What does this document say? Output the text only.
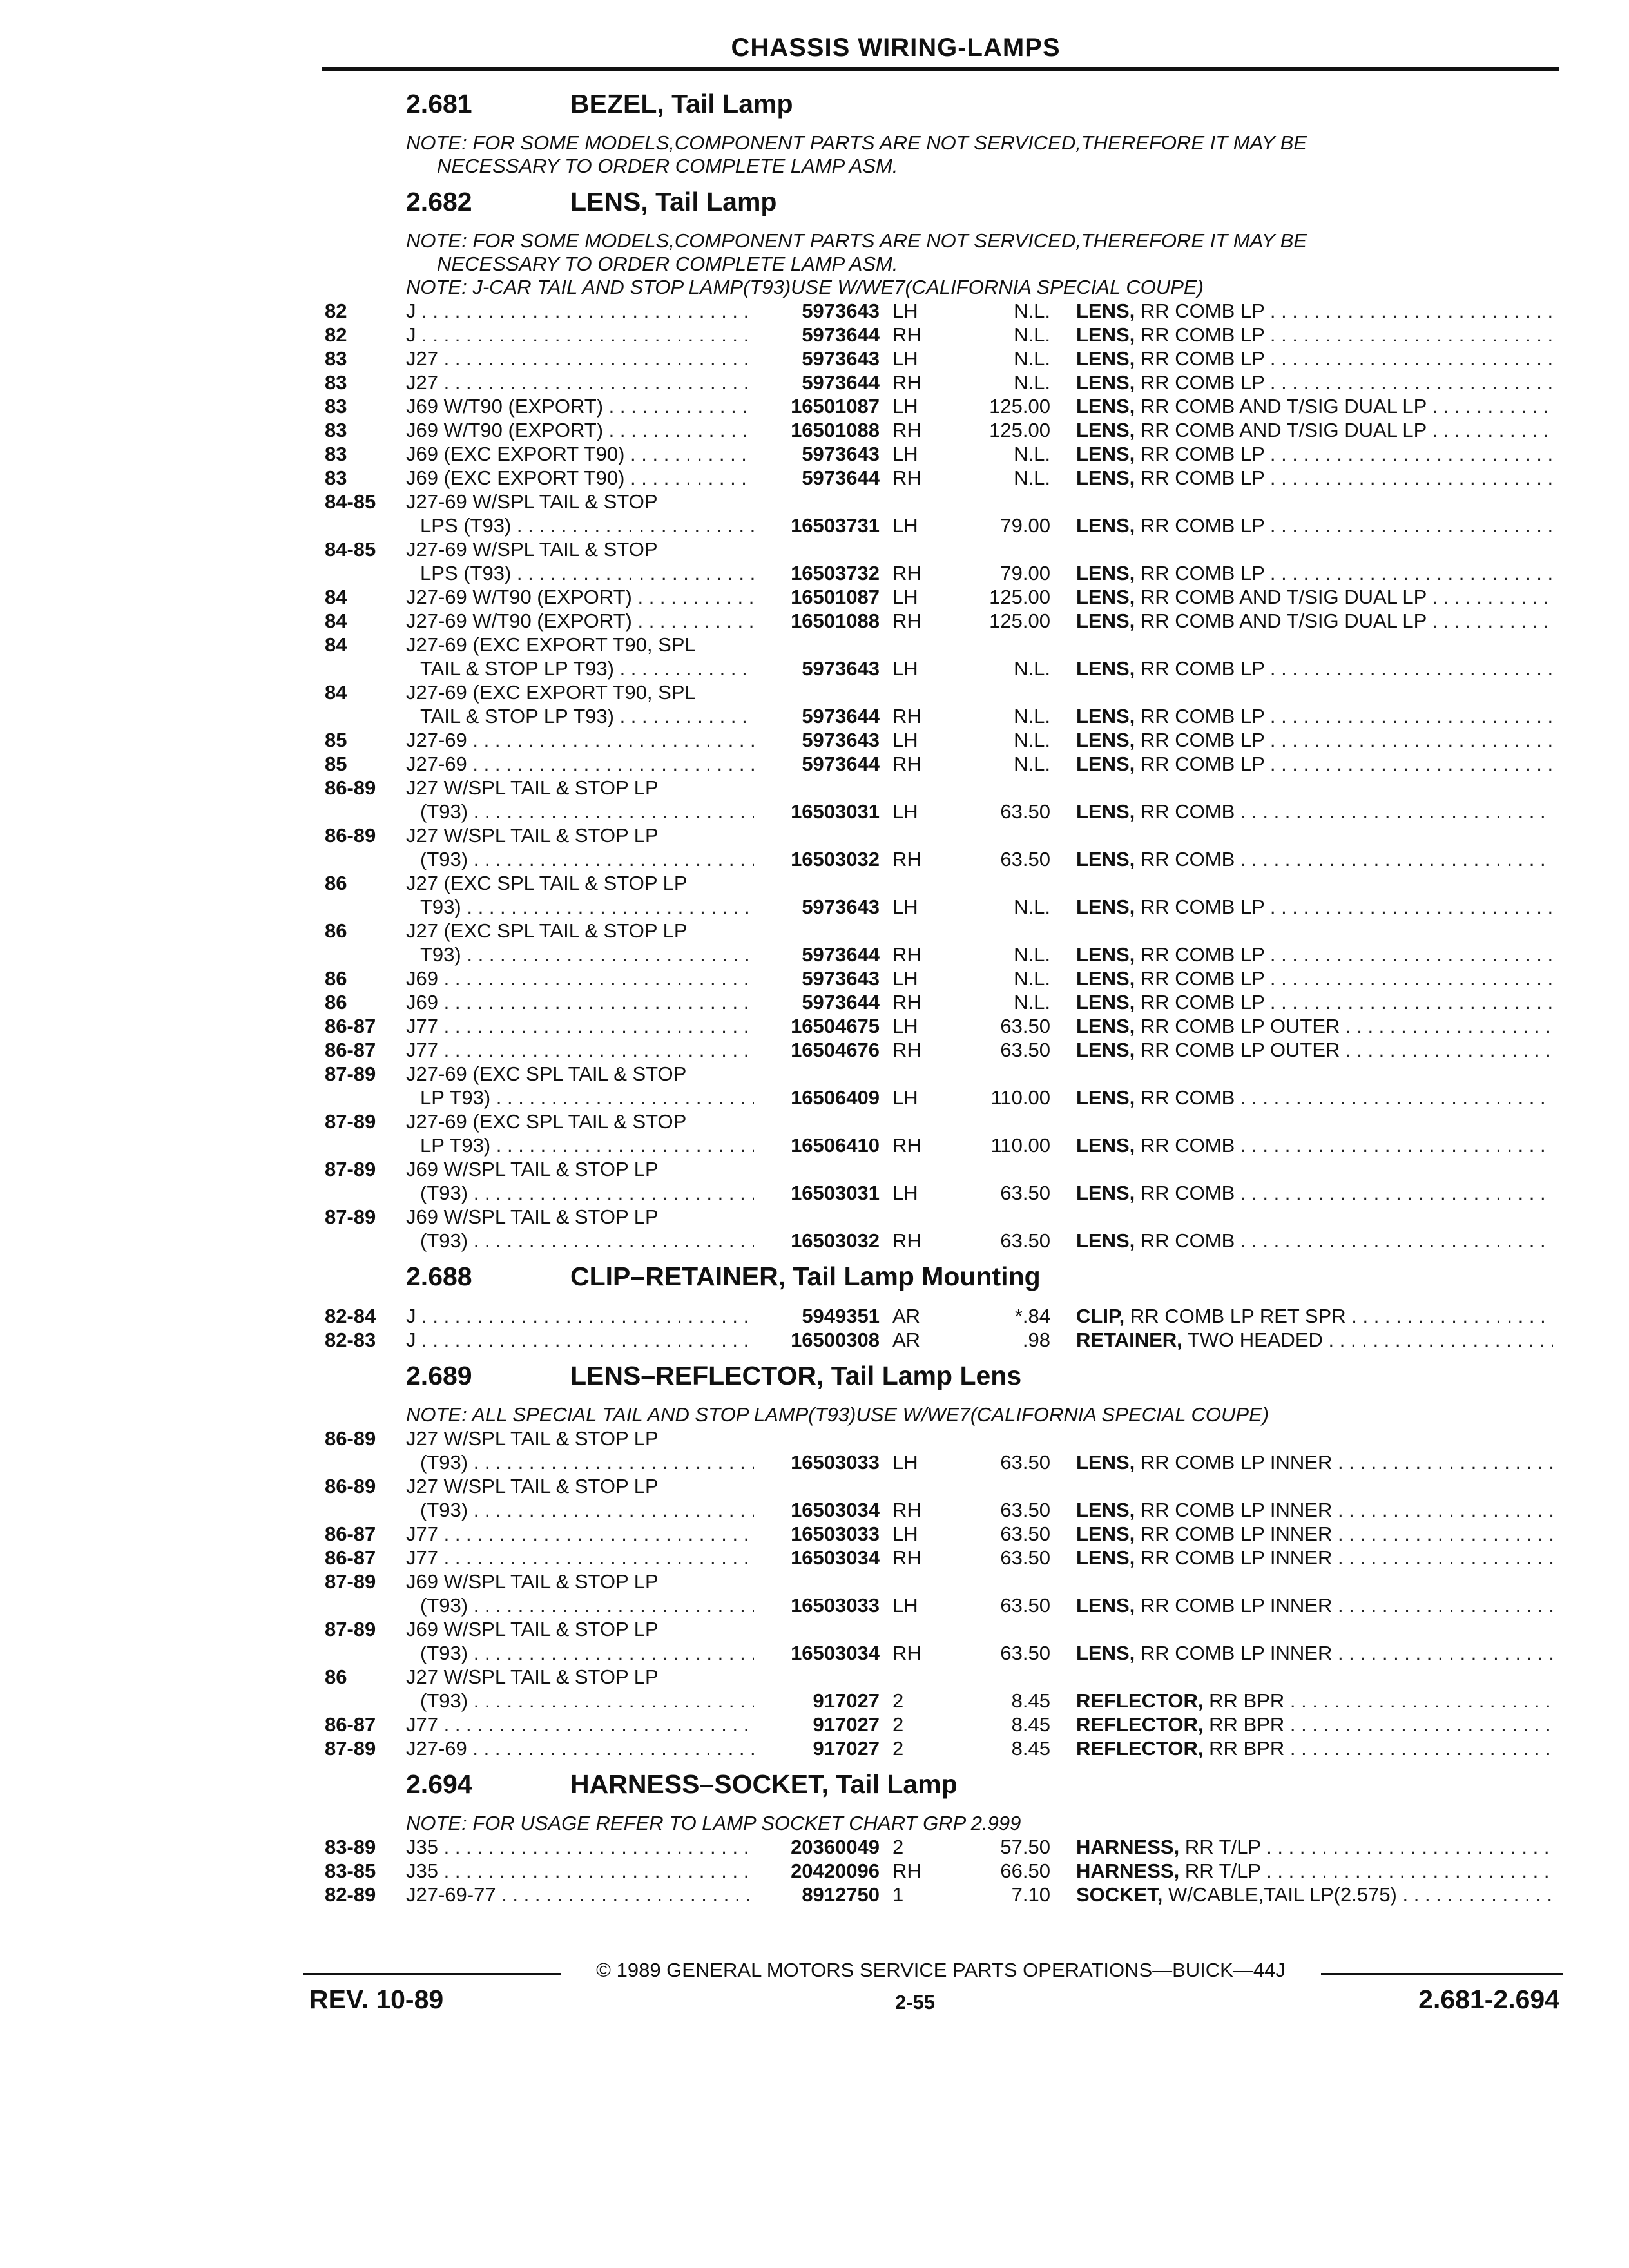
CHASSIS WIRING-LAMPS
2.681	BEZEL, Tail Lamp
NOTE: FOR SOME MODELS,COMPONENT PARTS ARE NOT SERVICED,THEREFORE IT MAY BE
NECESSARY TO ORDER COMPLETE LAMP ASM.
2.682	LENS, Tail Lamp
NOTE: FOR SOME MODELS,COMPONENT PARTS ARE NOT SERVICED,THEREFORE IT MAY BE
NECESSARY TO ORDER COMPLETE LAMP ASM.
NOTE: J-CAR TAIL AND STOP LAMP(T93)USE W/WE7(CALIFORNIA SPECIAL COUPE)
82	J . . .	5973643 LH	N.L. LENS, RR COMB LP . . .
82	J . . .	5973644 RH	N.L. LENS, RR COMB LP . . .
83	J27 . . .	5973643 LH	N.L. LENS, RR COMB LP . . .
83	J27 . . .	5973644 RH	N.L. LENS, RR COMB LP . . .
83	J69 W/T90 (EXPORT) . . .	16501087 LH	125.00 LENS, RR COMB AND T/SIG DUAL LP . . .
83	J69 W/T90 (EXPORT) . . .	16501088 RH	125.00 LENS, RR COMB AND T/SIG DUAL LP . . .
83	J69 (EXC EXPORT T90) . . .	5973643 LH	N.L. LENS, RR COMB LP . . .
83	J69 (EXC EXPORT T90) . . .	5973644 RH	N.L. LENS, RR COMB LP . . .
84-85	J27-69 W/SPL TAIL & STOP
LPS (T93) . . .	16503731 LH	79.00 LENS, RR COMB LP . . .
84-85	J27-69 W/SPL TAIL & STOP
LPS (T93) . . .	16503732 RH	79.00 LENS, RR COMB LP . . .
84	J27-69 W/T90 (EXPORT) . . .	16501087 LH	125.00 LENS, RR COMB AND T/SIG DUAL LP . . .
84	J27-69 W/T90 (EXPORT) . . .	16501088 RH	125.00 LENS, RR COMB AND T/SIG DUAL LP . . .
84	J27-69 (EXC EXPORT T90, SPL
TAIL & STOP LP T93) . . .	5973643 LH	N.L. LENS, RR COMB LP . . .
84	J27-69 (EXC EXPORT T90, SPL
TAIL & STOP LP T93) . . .	5973644 RH	N.L. LENS, RR COMB LP . . .
85	J27-69 . . .	5973643 LH	N.L. LENS, RR COMB LP . . .
85	J27-69 . . .	5973644 RH	N.L. LENS, RR COMB LP . . .
86-89	J27 W/SPL TAIL & STOP LP
(T93) . . .	16503031 LH	63.50 LENS, RR COMB . . .
86-89	J27 W/SPL TAIL & STOP LP
(T93) . . .	16503032 RH	63.50 LENS, RR COMB . . .
86	J27 (EXC SPL TAIL & STOP LP
T93) . . .	5973643 LH	N.L. LENS, RR COMB LP . . .
86	J27 (EXC SPL TAIL & STOP LP
T93) . . .	5973644 RH	N.L. LENS, RR COMB LP . . .
86	J69 . . .	5973643 LH	N.L. LENS, RR COMB LP . . .
86	J69 . . .	5973644 RH	N.L. LENS, RR COMB LP . . .
86-87	J77 . . .	16504675 LH	63.50 LENS, RR COMB LP OUTER . . .
86-87	J77 . . .	16504676 RH	63.50 LENS, RR COMB LP OUTER . . .
87-89	J27-69 (EXC SPL TAIL & STOP
LP T93) . . .	16506409 LH	110.00 LENS, RR COMB . . .
87-89	J27-69 (EXC SPL TAIL & STOP
LP T93) . . .	16506410 RH	110.00 LENS, RR COMB . . .
87-89	J69 W/SPL TAIL & STOP LP
(T93) . . .	16503031 LH	63.50 LENS, RR COMB . . .
87-89	J69 W/SPL TAIL & STOP LP
(T93) . . .	16503032 RH	63.50 LENS, RR COMB . . .
2.688	CLIP–RETAINER, Tail Lamp Mounting
82-84	J . . .	5949351 AR	*.84 CLIP, RR COMB LP RET SPR . . .
82-83	J . . .	16500308 AR	.98 RETAINER, TWO HEADED . . .
2.689	LENS–REFLECTOR, Tail Lamp Lens
NOTE: ALL SPECIAL TAIL AND STOP LAMP(T93)USE W/WE7(CALIFORNIA SPECIAL COUPE)
86-89	J27 W/SPL TAIL & STOP LP
(T93) . . .	16503033 LH	63.50 LENS, RR COMB LP INNER . . .
86-89	J27 W/SPL TAIL & STOP LP
(T93) . . .	16503034 RH	63.50 LENS, RR COMB LP INNER . . .
86-87	J77 . . .	16503033 LH	63.50 LENS, RR COMB LP INNER . . .
86-87	J77 . . .	16503034 RH	63.50 LENS, RR COMB LP INNER . . .
87-89	J69 W/SPL TAIL & STOP LP
(T93) . . .	16503033 LH	63.50 LENS, RR COMB LP INNER . . .
87-89	J69 W/SPL TAIL & STOP LP
(T93) . . .	16503034 RH	63.50 LENS, RR COMB LP INNER . . .
86	J27 W/SPL TAIL & STOP LP
(T93) . . .	917027 2	8.45 REFLECTOR, RR BPR . . .
86-87	J77 . . .	917027 2	8.45 REFLECTOR, RR BPR . . .
87-89	J27-69 . . .	917027 2	8.45 REFLECTOR, RR BPR . . .
2.694	HARNESS–SOCKET, Tail Lamp
NOTE: FOR USAGE REFER TO LAMP SOCKET CHART GRP 2.999
83-89	J35 . . .	20360049 2	57.50 HARNESS, RR T/LP . . .
83-85	J35 . . .	20420096 RH	66.50 HARNESS, RR T/LP . . .
82-89	J27-69-77 . . .	8912750 1	7.10 SOCKET, W/CABLE,TAIL LP(2.575) . . .
© 1989 GENERAL MOTORS SERVICE PARTS OPERATIONS—BUICK—44J
REV. 10-89	2-55	2.681-2.694
